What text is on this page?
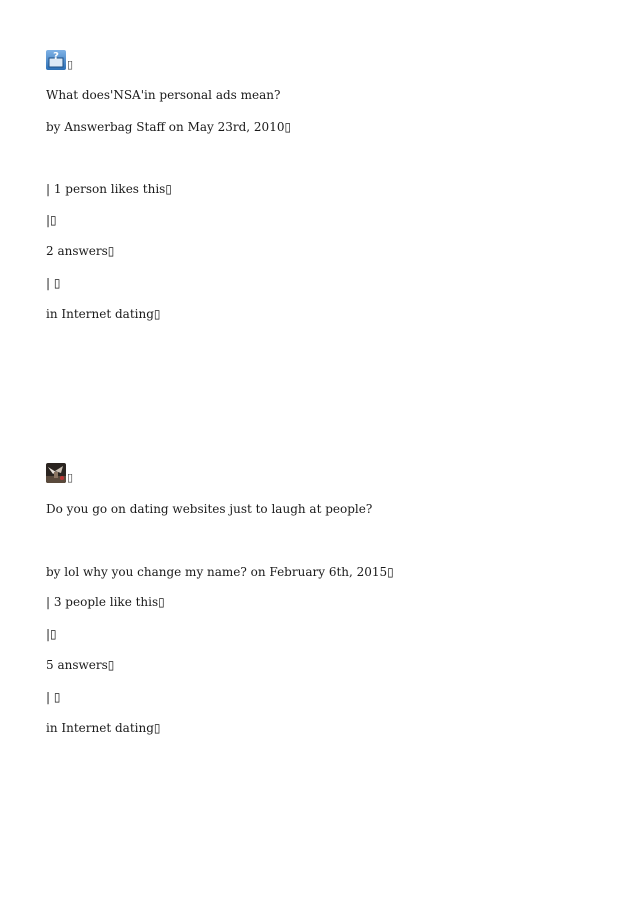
?
▯
What does'NSA'in personal ads mean?
by Answerbag Staff on May 23rd, 2010▯
| 1 person likes this▯
|▯
2 answers▯
| ▯
in Internet dating▯
▯
Do you go on dating websites just to laugh at people?
by lol why you change my name? on February 6th, 2015▯
| 3 people like this▯
|▯
5 answers▯
| ▯
in Internet dating▯
